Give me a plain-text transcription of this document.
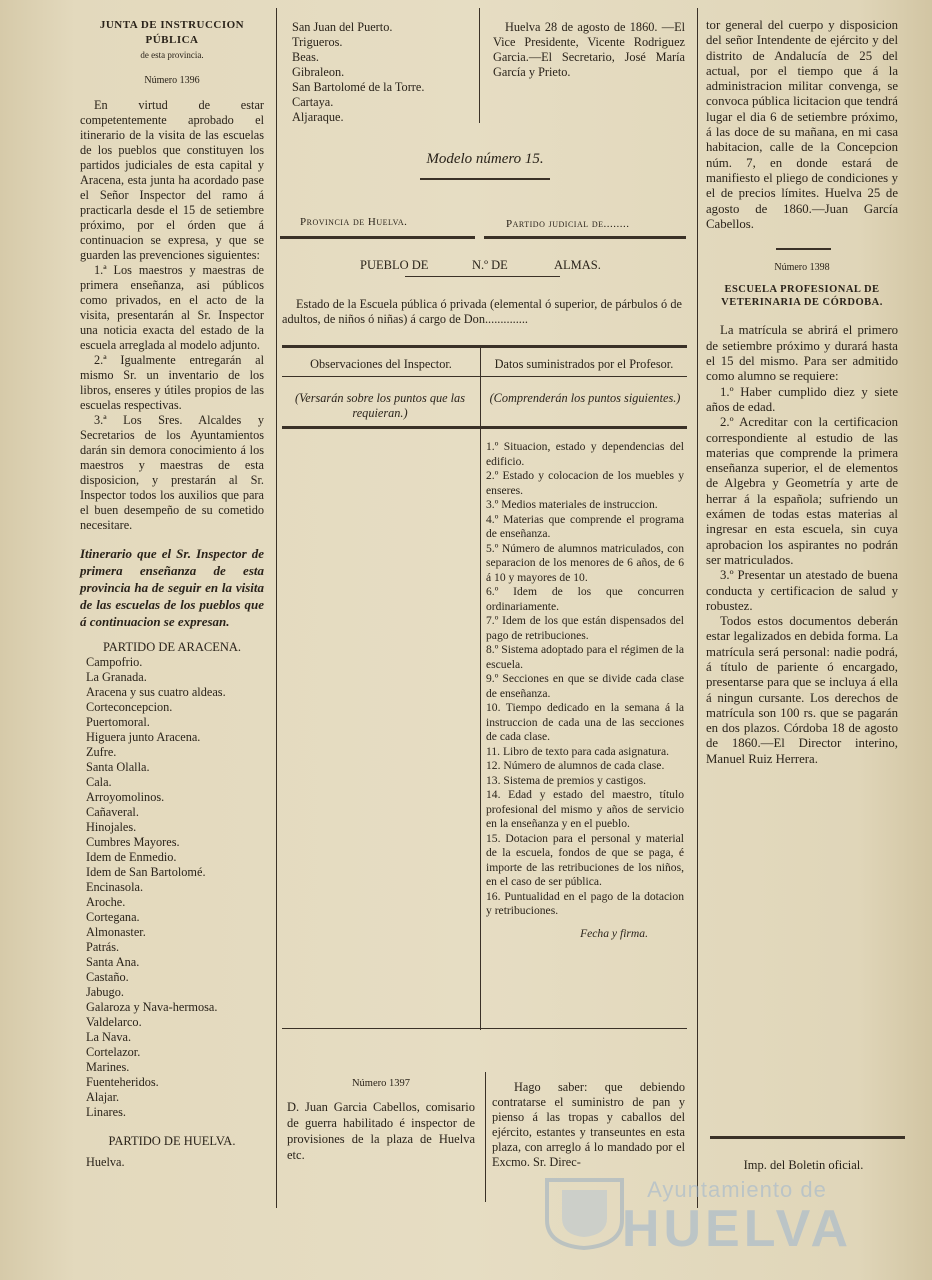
JUNTA DE INSTRUCCION PÚBLICA
de esta provincia.
Número 1396

En virtud de estar competentemente aprobado el itinerario de la visita de las escuelas de los pueblos que constituyen los partidos judiciales de esta capital y Aracena, esta junta ha acordado pase el Señor Inspector del ramo á practicarla desde el 15 de setiembre próximo, por el órden que á continuacion se expresa, y que se guarden las prevenciones siguientes:

1.ª Los maestros y maestras de primera enseñanza, asi públicos como privados, en el acto de la visita, presentarán al Sr. Inspector una noticia exacta del estado de la escuela arreglada al modelo adjunto.

2.ª Igualmente entregarán al mismo Sr. un inventario de los libros, enseres y útiles propios de las escuelas respectivas.

3.ª Los Sres. Alcaldes y Secretarios de los Ayuntamientos darán sin demora conocimiento á los maestros y maestras de esta disposicion, y prestarán al Sr. Inspector todos los auxilios que para el buen desempeño de su cometido necesitare.

Itinerario que el Sr. Inspector de primera enseñanza de esta provincia ha de seguir en la visita de las escuelas de los pueblos que á continuacion se expresan.

PARTIDO DE ARACENA.
Campofrio.
La Granada.
Aracena y sus cuatro aldeas.
Corteconcepcion.
Puertomoral.
Higuera junto Aracena.
Zufre.
Santa Olalla.
Cala.
Arroyomolinos.
Cañaveral.
Hinojales.
Cumbres Mayores.
Idem de Enmedio.
Idem de San Bartolomé.
Encinasola.
Aroche.
Cortegana.
Almonaster.
Patrás.
Santa Ana.
Castaño.
Jabugo.
Galaroza y Nava-hermosa.
Valdelarco.
La Nava.
Cortelazor.
Marines.
Fuenteheridos.
Alajar.
Linares.
PARTIDO DE HUELVA.
Huelva.
San Juan del Puerto.
Trigueros.
Beas.
Gibraleon.
San Bartolomé de la Torre.
Cartaya.
Aljaraque.

Huelva 28 de agosto de 1860. —El Vice Presidente, Vicente Rodriguez Garcia.—El Secretario, José María García y Prieto.

Modelo número 15.
Provincia de Huelva.	Partido judicial de........
PUEBLO DE	N.º DE	ALMAS.

Estado de la Escuela pública ó privada (elemental ó superior, de párbulos ó de adultos, de niños ó niñas) á cargo de Don..............

Observaciones del Inspector.	Datos suministrados por el Profesor.
(Versarán sobre los puntos que las requieran.)
(Comprenderán los puntos siguientes.)

1.º Situacion, estado y dependencias del edificio.

2.º Estado y colocacion de los muebles y enseres.

3.º Medios materiales de instruccion.

4.º Materias que comprende el programa de enseñanza.

5.º Número de alumnos matriculados, con separacion de los menores de 6 años, de 6 á 10 y mayores de 10.

6.º Idem de los que concurren ordinariamente.

7.º Idem de los que están dispensados del pago de retribuciones.

8.º Sistema adoptado para el régimen de la escuela.

9.º Secciones en que se divide cada clase de enseñanza.

10. Tiempo dedicado en la semana á la instruccion de cada una de las secciones de cada clase.

11. Libro de texto para cada asignatura.

12. Número de alumnos de cada clase.

13. Sistema de premios y castigos.

14. Edad y estado del maestro, título profesional del mismo y años de servicio en la enseñanza y en el pueblo.

15. Dotacion para el personal y material de la escuela, fondos de que se paga, é importe de las retribuciones de los niños, en el caso de ser pública.

16. Puntualidad en el pago de la dotacion y retribuciones.

Fecha y firma.
Número 1397

D. Juan Garcia Cabellos, comisario de guerra habilitado é inspector de provisiones de la plaza de Huelva etc.

Hago saber: que debiendo contratarse el suministro de pan y pienso á las tropas y caballos del ejército, estantes y transeuntes en esta plaza, con arreglo á lo mandado por el Excmo. Sr. Direc-

tor general del cuerpo y disposicion del señor Intendente de ejército y del distrito de Andalucía de 25 del actual, por el tiempo que á la administracion militar convenga, se convoca pública licitacion que tendrá lugar el dia 6 de setiembre próximo, á las doce de su mañana, en mi casa habitacion, calle de la Concepcion núm. 7, en donde estará de manifiesto el pliego de condiciones y el de precios límites. Huelva 25 de agosto de 1860.—Juan García Cabellos.

Número 1398
ESCUELA PROFESIONAL DE VETERINARIA DE CÓRDOBA.

La matrícula se abrirá el primero de setiembre próximo y durará hasta el 15 del mismo. Para ser admitido como alumno se requiere:

1.º Haber cumplido diez y siete años de edad.

2.º Acreditar con la certificacion correspondiente al estudio de las materias que comprende la primera enseñanza superior, el de elementos de Algebra y Geometría y arte de herrar á la española; sufriendo un exámen de todas estas materias al ingresar en esta escuela, sin cuya aprobacion los aspirantes no podrán ser matriculados.

3.º Presentar un atestado de buena conducta y certificacion de salud y robustez.

Todos estos documentos deberán estar legalizados en debida forma. La matrícula será personal: nadie podrá, á título de pariente ó encargado, presentarse para que se incluya á ella á ningun cursante. Los derechos de matrícula son 100 rs. que se pagarán en dos plazos. Córdoba 18 de agosto de 1860.—El Director interino, Manuel Ruiz Herrera.

Imp. del Boletin oficial.
Ayuntamiento de
HUELVA
